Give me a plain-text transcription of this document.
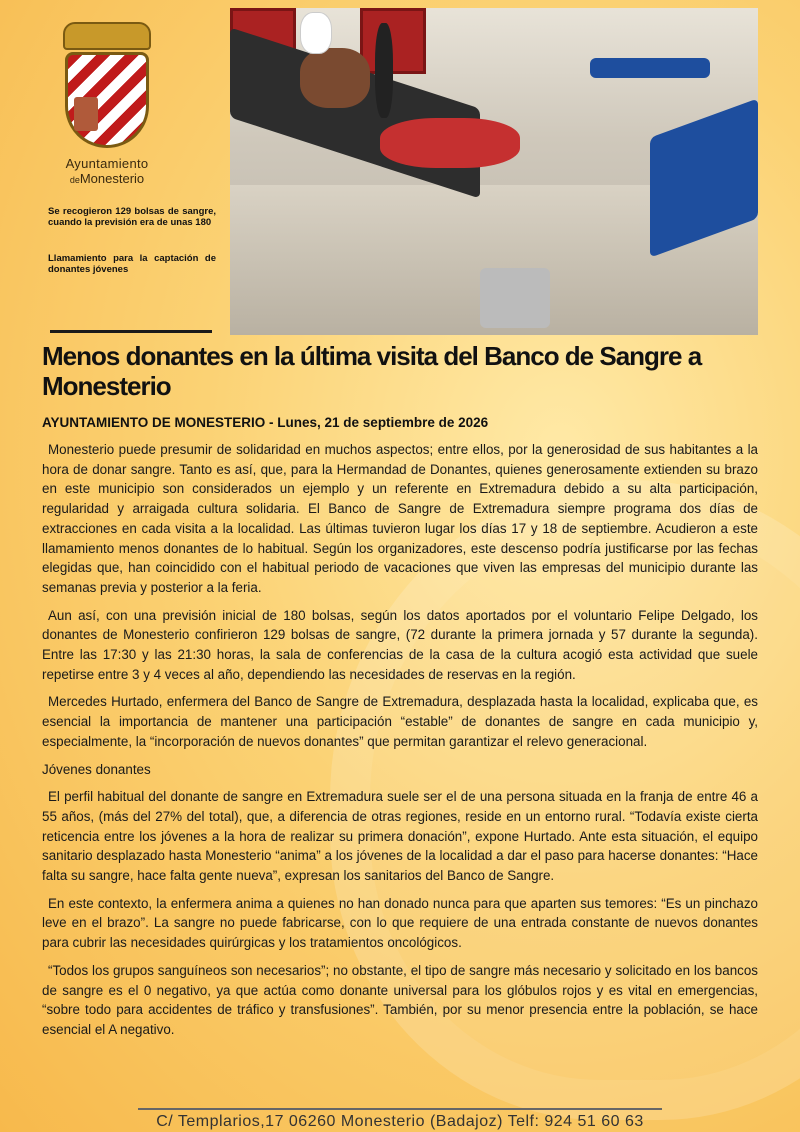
Ayuntamiento
deMonesterio
Se recogieron 129 bolsas de sangre, cuando la previsión era de unas 180
Llamamiento para la captación de donantes jóvenes
Menos donantes en la última visita del Banco de Sangre a Monesterio
AYUNTAMIENTO DE MONESTERIO - Lunes, 21 de septiembre de 2026

Monesterio puede presumir de solidaridad en muchos aspectos; entre ellos, por la generosidad de sus habitantes a la hora de donar sangre. Tanto es así, que, para la Hermandad de Donantes, quienes generosamente extienden su brazo en este municipio son considerados un ejemplo y un referente en Extremadura debido a su alta participación, regularidad y arraigada cultura solidaria. El Banco de Sangre de Extremadura siempre programa dos días de extracciones en cada visita a la localidad. Las últimas tuvieron lugar los días 17 y 18 de septiembre. Acudieron a este llamamiento menos donantes de lo habitual. Según los organizadores, este descenso podría justificarse por las fechas elegidas que, han coincidido con el habitual periodo de vacaciones que viven las empresas del municipio durante las semanas previa y posterior a la feria.

Aun así, con una previsión inicial de 180 bolsas, según los datos aportados por el voluntario Felipe Delgado, los donantes de Monesterio confirieron 129 bolsas de sangre, (72 durante la primera jornada y 57 durante la segunda). Entre las 17:30 y las 21:30 horas, la sala de conferencias de la casa de la cultura acogió esta actividad que suele repetirse entre 3 y 4 veces al año, dependiendo las necesidades de reservas en la región.

Mercedes Hurtado, enfermera del Banco de Sangre de Extremadura, desplazada hasta la localidad, explicaba que, es esencial la importancia de mantener una participación “estable” de donantes de sangre en cada municipio y, especialmente, la “incorporación de nuevos donantes” que permitan garantizar el relevo generacional.

Jóvenes donantes

El perfil habitual del donante de sangre en Extremadura suele ser el de una persona situada en la franja de entre 46 a 55 años, (más del 27% del total), que, a diferencia de otras regiones, reside en un entorno rural. “Todavía existe cierta reticencia entre los jóvenes a la hora de realizar su primera donación”, expone Hurtado. Ante esta situación, el equipo sanitario desplazado hasta Monesterio “anima” a los jóvenes de la localidad a dar el paso para hacerse donantes: “Hace falta su sangre, hace falta gente nueva”, expresan los sanitarios del Banco de Sangre.

En este contexto, la enfermera anima a quienes no han donado nunca para que aparten sus temores: “Es un pinchazo leve en el brazo”. La sangre no puede fabricarse, con lo que requiere de una entrada constante de nuevos donantes para cubrir las necesidades quirúrgicas y los tratamientos oncológicos.

“Todos los grupos sanguíneos son necesarios”; no obstante, el tipo de sangre más necesario y solicitado en los bancos de sangre es el 0 negativo, ya que actúa como donante universal para los glóbulos rojos y es vital en emergencias, “sobre todo para accidentes de tráfico y transfusiones”. También, por su menor presencia entre la población, se hace esencial el A negativo.

C/ Templarios,17 06260 Monesterio (Badajoz) Telf: 924 51 60 63
